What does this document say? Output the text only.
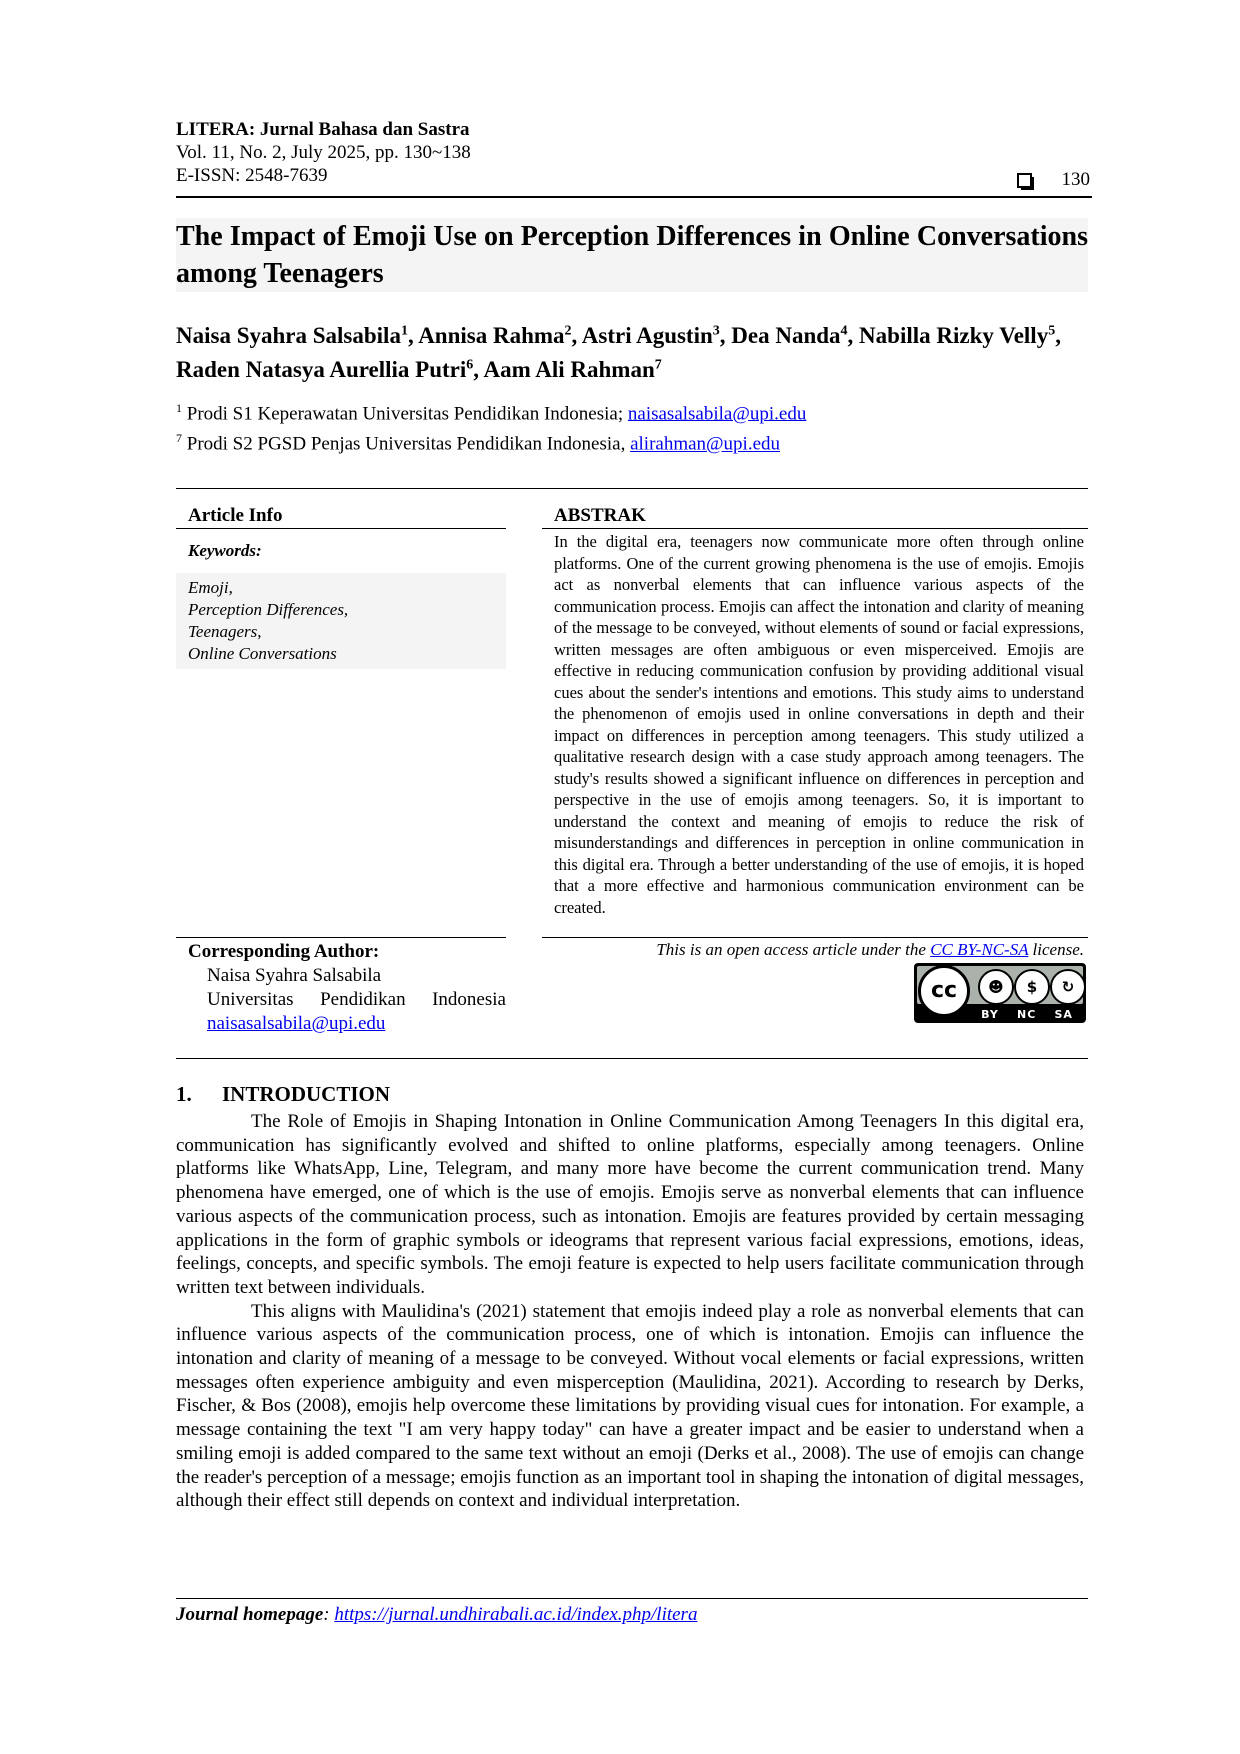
LITERA: Jurnal Bahasa dan Sastra
Vol. 11, No. 2, July 2025, pp. 130~138
E-ISSN: 2548-7639	130
The Impact of Emoji Use on Perception Differences in Online Conversations among Teenagers
Naisa Syahra Salsabila$^1$, Annisa Rahma$^2$, Astri Agustin$^3$, Dea Nanda$^4$, Nabilla Rizky Velly$^5$, Raden Natasya Aurellia Putri$^6$, Aam Ali Rahman$^7$
$^1$ Prodi S1 Keperawatan Universitas Pendidikan Indonesia; naisasalsabila@upi.edu
$^7$ Prodi S2 PGSD Penjas Universitas Pendidikan Indonesia, alirahman@upi.edu
Article Info
Keywords:
Emoji,
Perception Differences,
Teenagers,
Online Conversations
ABSTRAK
In the digital era, teenagers now communicate more often through online platforms. One of the current growing phenomena is the use of emojis. Emojis act as nonverbal elements that can influence various aspects of the communication process. Emojis can affect the intonation and clarity of meaning of the message to be conveyed, without elements of sound or facial expressions, written messages are often ambiguous or even misperceived. Emojis are effective in reducing communication confusion by providing additional visual cues about the sender's intentions and emotions. This study aims to understand the phenomenon of emojis used in online conversations in depth and their impact on differences in perception among teenagers. This study utilized a qualitative research design with a case study approach among teenagers. The study's results showed a significant influence on differences in perception and perspective in the use of emojis among teenagers. So, it is important to understand the context and meaning of emojis to reduce the risk of misunderstandings and differences in perception in online communication in this digital era. Through a better understanding of the use of emojis, it is hoped that a more effective and harmonious communication environment can be created.
Corresponding Author:
Naisa Syahra Salsabila
Universitas Pendidikan Indonesia
naisasalsabila@upi.edu
This is an open access article under the CC BY-NC-SA license.
cc	☻	$	↻
BY NC SA
1. INTRODUCTION

The Role of Emojis in Shaping Intonation in Online Communication Among Teenagers In this digital era, communication has significantly evolved and shifted to online platforms, especially among teenagers. Online platforms like WhatsApp, Line, Telegram, and many more have become the current communication trend. Many phenomena have emerged, one of which is the use of emojis. Emojis serve as nonverbal elements that can influence various aspects of the communication process, such as intonation. Emojis are features provided by certain messaging applications in the form of graphic symbols or ideograms that represent various facial expressions, emotions, ideas, feelings, concepts, and specific symbols. The emoji feature is expected to help users facilitate communication through written text between individuals.

This aligns with Maulidina's (2021) statement that emojis indeed play a role as nonverbal elements that can influence various aspects of the communication process, one of which is intonation. Emojis can influence the intonation and clarity of meaning of a message to be conveyed. Without vocal elements or facial expressions, written messages often experience ambiguity and even misperception (Maulidina, 2021). According to research by Derks, Fischer, & Bos (2008), emojis help overcome these limitations by providing visual cues for intonation. For example, a message containing the text "I am very happy today" can have a greater impact and be easier to understand when a smiling emoji is added compared to the same text without an emoji (Derks et al., 2008). The use of emojis can change the reader's perception of a message; emojis function as an important tool in shaping the intonation of digital messages, although their effect still depends on context and individual interpretation.

Journal homepage: https://jurnal.undhirabali.ac.id/index.php/litera
